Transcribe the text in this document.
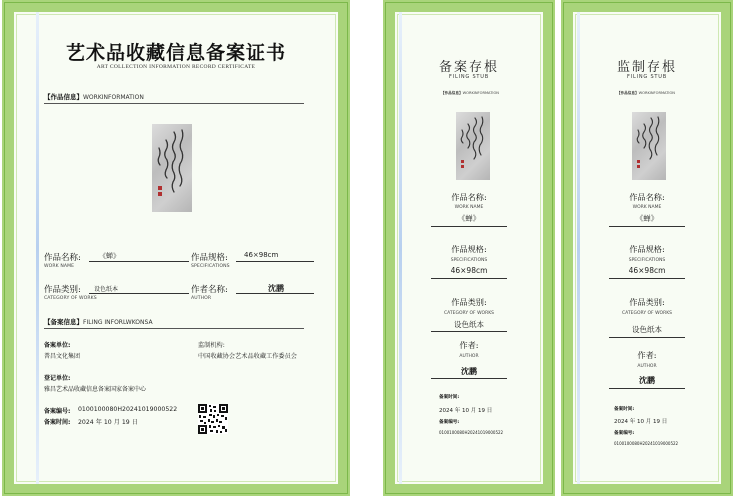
艺术品收藏信息备案证书
ART COLLECTION INFORMATION RECORD CERTIFICATE
【作品信息】WORKINFORMATION
作品名称:	《蝉》
WORK NAME
作品规格: 46×98cm
SPECIFICATIONS
作品类别: 设色纸本
CATEGORY OF WORKS
作者名称:	沈鹏
AUTHOR
【备案信息】FILING INFORLWKONSA
备案单位:
普昌文化集团
监制机构:
中国收藏协会艺术品收藏工作委员会
登记单位:
雅昌艺术品收藏信息备案国家备案中心
备案编号: 0100100080H20241019000522
备案时间: 2024 年 10 月 19 日
备案存根
FILING STUB
【作品信息】WORKINFORMATION
作品名称:
WORK NAME
《蝉》
作品规格:
SPECIFICATIONS
46×98cm
作品类别:
CATEGORY OF WORKS
设色纸本
作者:
AUTHOR
沈鹏
备案时间:
2024 年 10 月 19 日
备案编号:
0100100080H20241019000522
监制存根
FILING STUB
【作品信息】WORKINFORMATION
作品名称:
WORK NAME
《蝉》
作品规格:
SPECIFICATIONS
46×98cm
作品类别:
CATEGORY OF WORKS
设色纸本
作者:
AUTHOR
沈鹏
备案时间:
2024 年 10 月 19 日
备案编号:
0100100080H20241019000522
